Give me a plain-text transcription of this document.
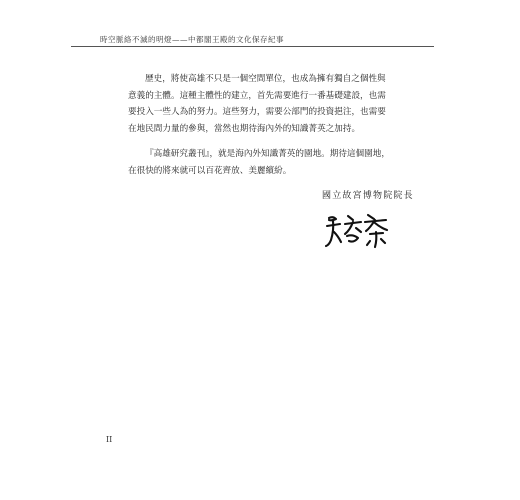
時空脈絡不滅的明燈——中都閣王殿的文化保存紀事

歷史，將使高雄不只是一個空間單位，也成為擁有獨自之個性與
意義的主體。這種主體性的建立，首先需要進行一番基礎建設，也需
要投入一些人為的努力。這些努力，需要公部門的投資挹注，也需要
在地民間力量的參與，當然也期待海內外的知識菁英之加持。

『高雄研究叢刊』，就是海內外知識菁英的園地。期待這個園地，
在很快的將來就可以百花齊放、美麗繽紛。

國立故宮博物院院長
II
